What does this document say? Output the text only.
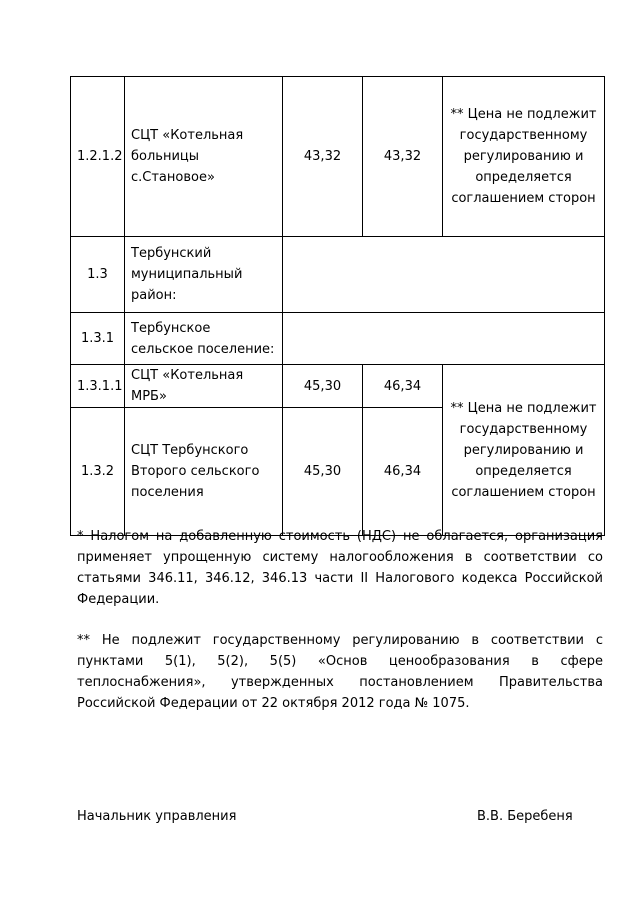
1.2.1.2	СЦТ «Котельная больницы с.Становое»	43,32	43,32	** Цена не подлежит государственному регулированию и определяется соглашением сторон
1.3	Тербунский муниципальный район:			
1.3.1	Тербунское сельское поселение:			
1.3.1.1	СЦТ «Котельная МРБ»	45,30	46,34	** Цена не подлежит государственному регулированию и определяется соглашением сторон
1.3.2	СЦТ Тербунского Второго сельского поселения	45,30	46,34	

* Налогом на добавленную стоимость (НДС) не облагается, организация применяет упрощенную систему налогообложения в соответствии со статьями 346.11, 346.12, 346.13 части II Налогового кодекса Российской Федерации.

** Не подлежит государственному регулированию в соответствии с пунктами 5(1), 5(2), 5(5) «Основ ценообразования в сфере теплоснабжения», утвержденных постановлением Правительства Российской Федерации от 22 октября 2012 года № 1075.

Начальник управления	В.В. Беребеня
